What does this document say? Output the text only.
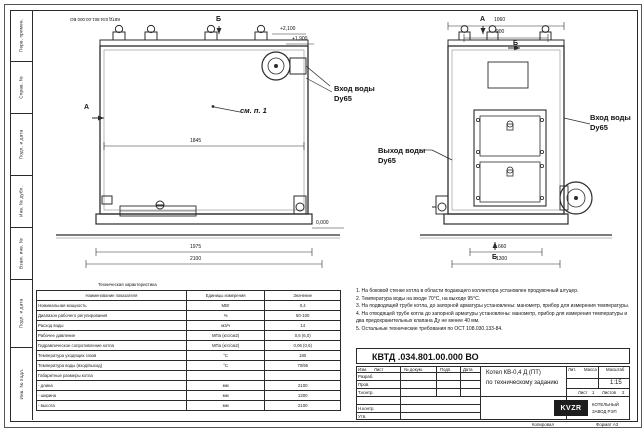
Перв. примен.
Справ. №
Подп. и дата
Инв. № дубл.
Взам. инв. №
Подп. и дата
Инв. № подл.
КВТД 034.801.00.000 ВО	Б
А
+2,100
+1,900
0,000
1845
1975
2100
см. п. 1
Вход воды
Dу65
А
Б
Б
1060
900
660
1300
Выход воды
Dу65
Вход воды
Dу65
Техническая характеристика
Наименование показателя	Единицы измерения	Значение
Номинальная мощность	МВт	0,4
Диапазон рабочего регулирования	%	50-100
Расход воды	м3/ч	14
Рабочее давление	МПа (кгс/см2)	0,6 (6,0)
Гидравлическое сопротивление котла	МПа (кгс/см2)	0,06 (0,6)
Температура уходящих газов	°С	180
Температура воды (вход/выход)	°С	70/95
Габаритные размеры котла		
- длина	мм	2100
- ширина	мм	1300
- высота	мм	2100
1. На боковой стенке котла в области подающего коллектора установлен продувочный штуцер.
2. Температура воды на входе 70°С, на выходе 95°С.
3. На подводящей трубе котла, до запорной арматуры установлены: манометр, прибор для измерения температуры.
4. На отводящей трубе котла до запорной арматуры установлены: манометр, прибор для измерения температуры и два предохранительных клапана Ду не менее 40 мм.
5. Остальные технические требования по ОСТ 108.030.133-84.
КВТД .034.801.00.000 ВО
Изм. Лист	№ докум.	Подп.	Дата
Разраб.
Пров.
Т.контр.
Н.контр.
Утв.
Котел КВ-0,4 Д (ПТ)
по техническому заданию
Лит. Масса Масштаб
1:15
Лист 1 Листов 2
KVZR	КОТЕЛЬНЫЙ
ЗАВОД РЭП
Формат А3
Копировал
